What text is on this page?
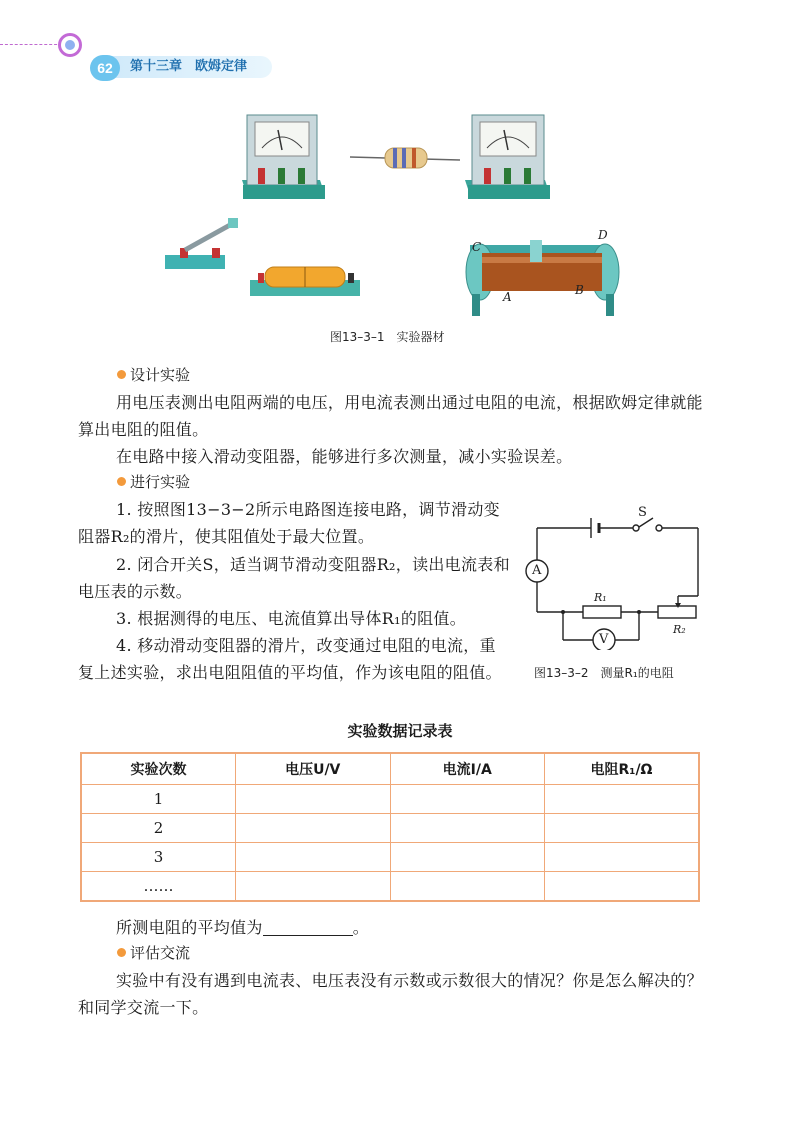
62	第十三章　欧姆定律
C
D
A	B
图13–3–1　实验器材
设计实验
用电压表测出电阻两端的电压，用电流表测出通过电阻的电流，根据欧姆定律就能算出电阻的阻值。
在电路中接入滑动变阻器，能够进行多次测量，减小实验误差。
进行实验
1. 按照图13−3−2所示电路图连接电路，调节滑动变阻器R₂的滑片，使其阻值处于最大位置。
2. 闭合开关S，适当调节滑动变阻器R₂，读出电流表和电压表的示数。
3. 根据测得的电压、电流值算出导体R₁的阻值。
4. 移动滑动变阻器的滑片，改变通过电阻的电流，重复上述实验，求出电阻阻值的平均值，作为该电阻的阻值。
S
A
V
R₁
R₂
图13–3–2　测量R₁的电阻
实验数据记录表
实验次数	电压U/V	电流I/A	电阻R₁/Ω
1			
2			
3			
……			
所测电阻的平均值为	。
评估交流
实验中有没有遇到电流表、电压表没有示数或示数很大的情况？你是怎么解决的？和同学交流一下。
